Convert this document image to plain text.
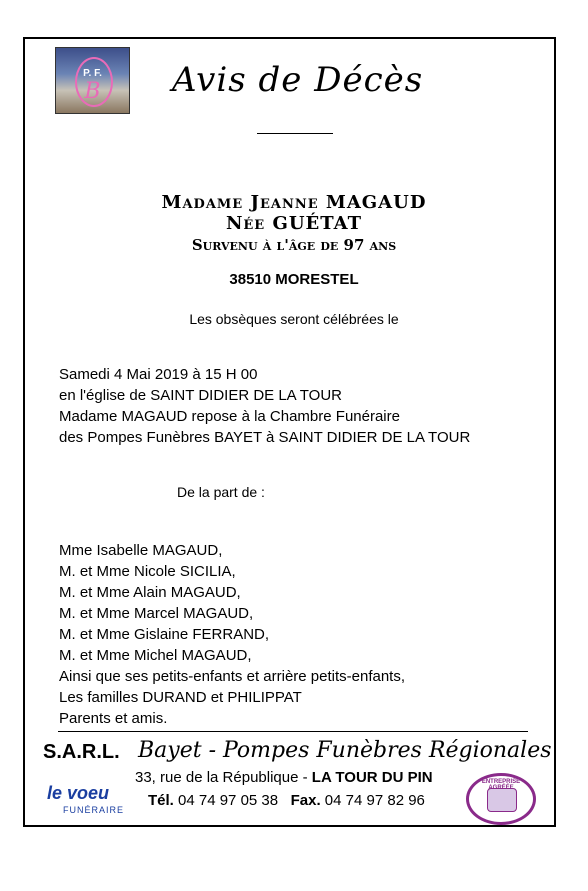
P. F.
B	Avis de Décès
Madame Jeanne MAGAUD
Née GUÉTAT
Survenu à l'âge de 97 ans
38510 MORESTEL
Les obsèques seront célébrées le
Samedi 4 Mai 2019 à 15 H 00
en l'église de SAINT DIDIER DE LA TOUR
Madame MAGAUD repose à la Chambre Funéraire
des Pompes Funèbres BAYET à SAINT DIDIER DE LA TOUR
De la part de :
Mme Isabelle MAGAUD,
M. et Mme Nicole SICILIA,
M. et Mme Alain MAGAUD,
M. et Mme Marcel MAGAUD,
M. et Mme Gislaine FERRAND,
M. et Mme Michel MAGAUD,
Ainsi que ses petits-enfants et arrière petits-enfants,
Les familles DURAND et PHILIPPAT
Parents et amis.
S.A.R.L. Bayet - Pompes Funèbres Régionales
33, rue de la République - LA TOUR DU PIN
Tél. 04 74 97 05 38   Fax. 04 74 97 82 96
le voeu
FUNÉRAIRE
ENTREPRISE
